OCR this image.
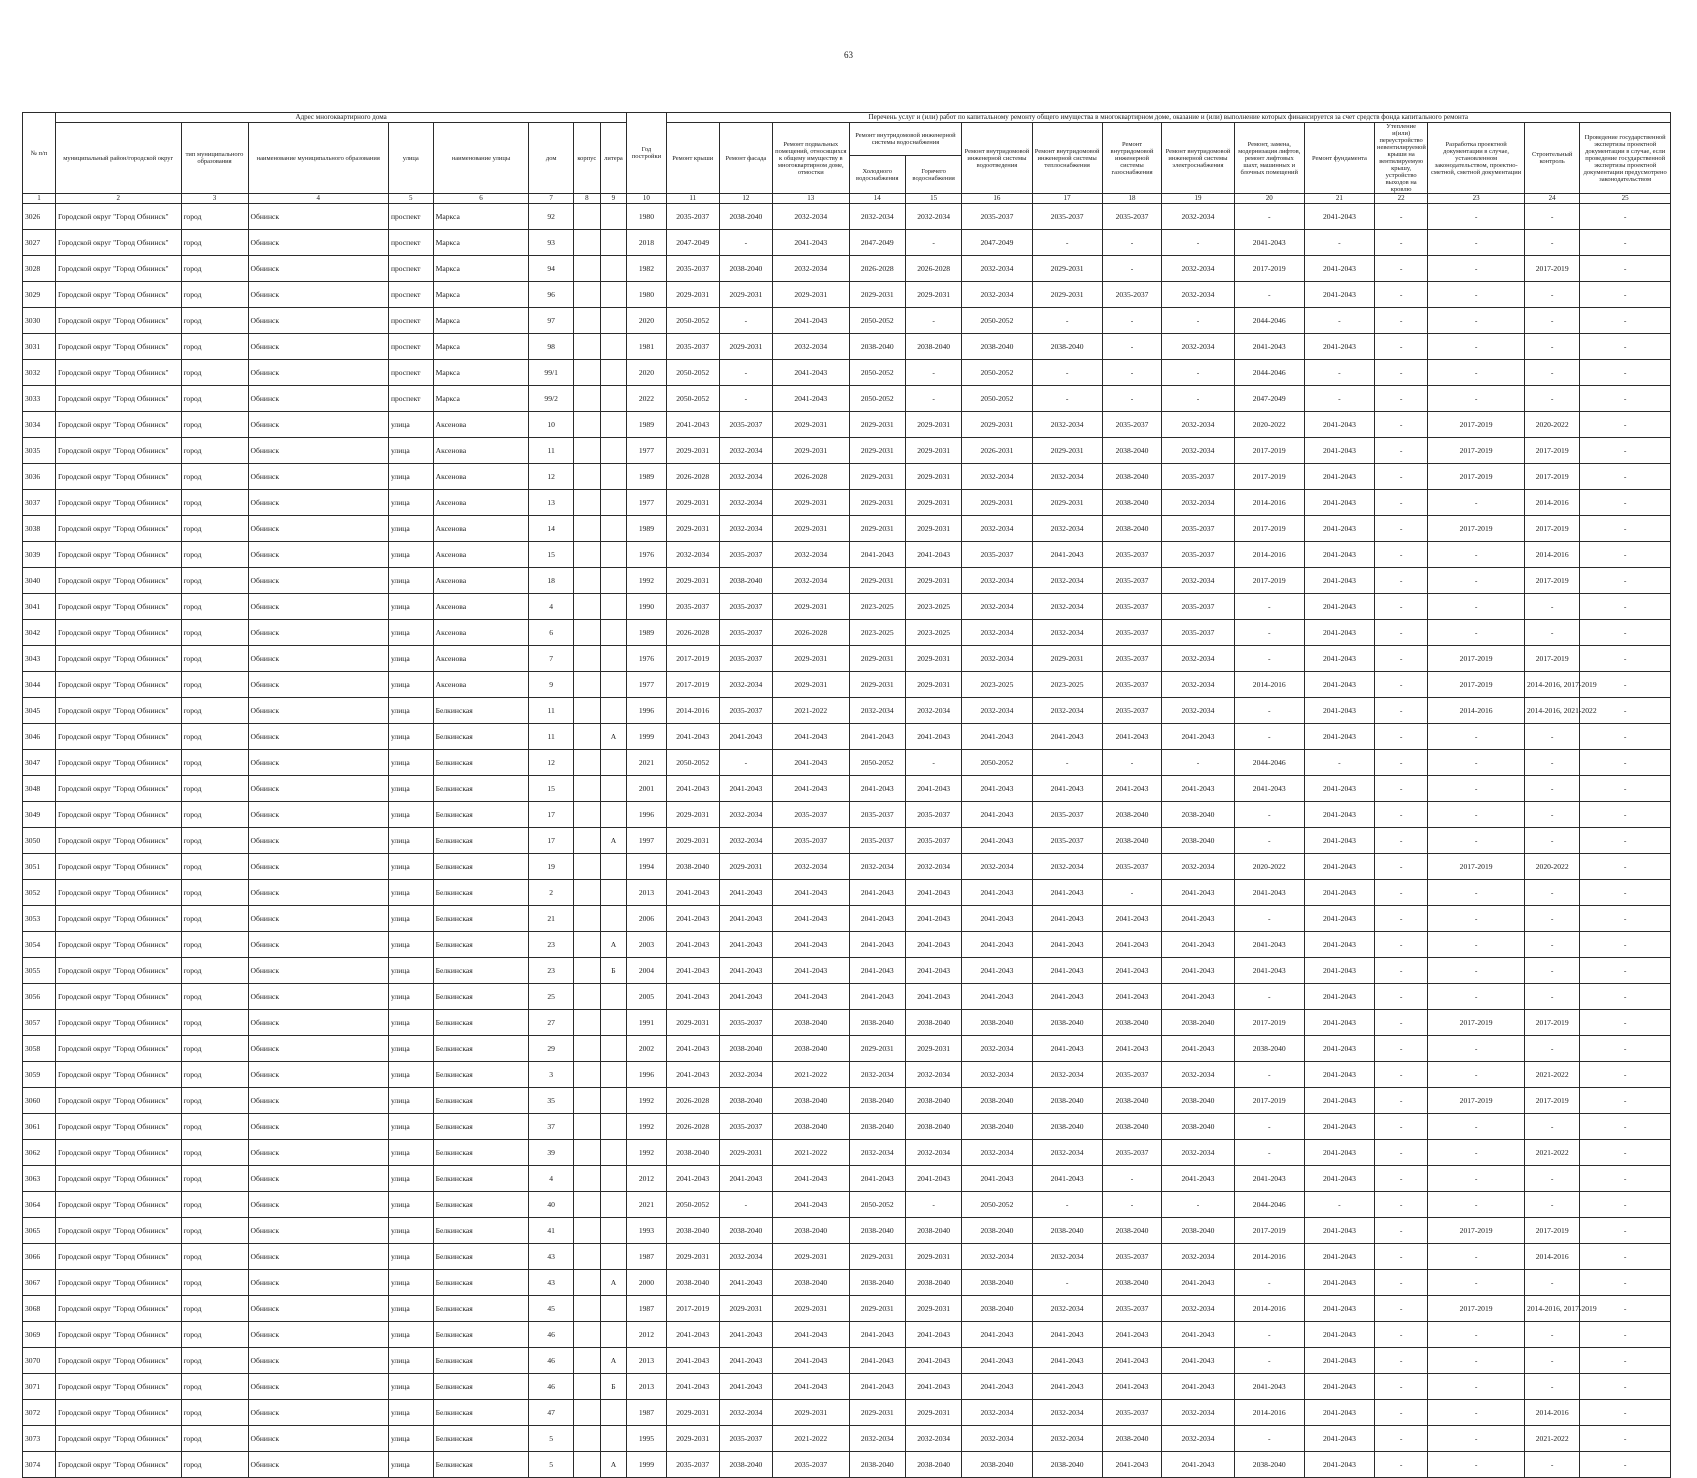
63
№ п/п	Адрес многоквартирного дома								Год постройки	Перечень услуг и (или) работ по капитальному ремонту общего имущества в многоквартирном доме, оказание и (или) выполнение которых финансируется за счет средств фонда капитального ремонта														
	муниципальный район/городской округ	тип муниципального образования	наименование муниципального образования	улица	наименование улицы	дом	корпус	литера		Ремонт крыши	Ремонт фасада	Ремонт подвальных помещений, относящихся к общему имуществу в многоквартирном доме, отмостки	Ремонт внутридомовой инженерной системы водоснабжения		Ремонт внутридомовой инженерной системы водоотведения	Ремонт внутридомовой инженерной системы теплоснабжения	Ремонт внутридомовой инженерной системы газоснабжения	Ремонт внутридомовой инженерной системы электроснабжения	Ремонт, замена, модернизация лифтов, ремонт лифтовых шахт, машинных и блочных помещений	Ремонт фундамента	Утепление и(или) переустройство невентилируемой крыши на вентилируемую крышу, устройство выходов на кровлю	Разработка проектной документации в случае, установленном законодательством, проектно-сметной, сметной документации	Строительный контроль	Проведение государственной экспертизы проектной документации в случае, если проведение государственной экспертизы проектной документации предусмотрено законодательством
													Холодного водоснабжения	Горячего водоснабжения										
1	2	3	4	5	6	7	8	9	10	11	12	13	14	15	16	17	18	19	20	21	22	23	24	25
3026	Городской округ "Город Обнинск"	город	Обнинск	проспект	Маркса	92			1980	2035-2037	2038-2040	2032-2034	2032-2034	2032-2034	2035-2037	2035-2037	2035-2037	2032-2034	-	2041-2043	-	-	-	-
3027	Городской округ "Город Обнинск"	город	Обнинск	проспект	Маркса	93			2018	2047-2049	-	2041-2043	2047-2049	-	2047-2049	-	-	-	2041-2043	-	-	-	-	-
3028	Городской округ "Город Обнинск"	город	Обнинск	проспект	Маркса	94			1982	2035-2037	2038-2040	2032-2034	2026-2028	2026-2028	2032-2034	2029-2031	-	2032-2034	2017-2019	2041-2043	-	-	2017-2019	-
3029	Городской округ "Город Обнинск"	город	Обнинск	проспект	Маркса	96			1980	2029-2031	2029-2031	2029-2031	2029-2031	2029-2031	2032-2034	2029-2031	2035-2037	2032-2034	-	2041-2043	-	-	-	-
3030	Городской округ "Город Обнинск"	город	Обнинск	проспект	Маркса	97			2020	2050-2052	-	2041-2043	2050-2052	-	2050-2052	-	-	-	2044-2046	-	-	-	-	-
3031	Городской округ "Город Обнинск"	город	Обнинск	проспект	Маркса	98			1981	2035-2037	2029-2031	2032-2034	2038-2040	2038-2040	2038-2040	2038-2040	-	2032-2034	2041-2043	2041-2043	-	-	-	-
3032	Городской округ "Город Обнинск"	город	Обнинск	проспект	Маркса	99/1			2020	2050-2052	-	2041-2043	2050-2052	-	2050-2052	-	-	-	2044-2046	-	-	-	-	-
3033	Городской округ "Город Обнинск"	город	Обнинск	проспект	Маркса	99/2			2022	2050-2052	-	2041-2043	2050-2052	-	2050-2052	-	-	-	2047-2049	-	-	-	-	-
3034	Городской округ "Город Обнинск"	город	Обнинск	улица	Аксенова	10			1989	2041-2043	2035-2037	2029-2031	2029-2031	2029-2031	2029-2031	2032-2034	2035-2037	2032-2034	2020-2022	2041-2043	-	2017-2019	2020-2022	-
3035	Городской округ "Город Обнинск"	город	Обнинск	улица	Аксенова	11			1977	2029-2031	2032-2034	2029-2031	2029-2031	2029-2031	2026-2031	2029-2031	2038-2040	2032-2034	2017-2019	2041-2043	-	2017-2019	2017-2019	-
3036	Городской округ "Город Обнинск"	город	Обнинск	улица	Аксенова	12			1989	2026-2028	2032-2034	2026-2028	2029-2031	2029-2031	2032-2034	2032-2034	2038-2040	2035-2037	2017-2019	2041-2043	-	2017-2019	2017-2019	-
3037	Городской округ "Город Обнинск"	город	Обнинск	улица	Аксенова	13			1977	2029-2031	2032-2034	2029-2031	2029-2031	2029-2031	2029-2031	2029-2031	2038-2040	2032-2034	2014-2016	2041-2043	-	-	2014-2016	-
3038	Городской округ "Город Обнинск"	город	Обнинск	улица	Аксенова	14			1989	2029-2031	2032-2034	2029-2031	2029-2031	2029-2031	2032-2034	2032-2034	2038-2040	2035-2037	2017-2019	2041-2043	-	2017-2019	2017-2019	-
3039	Городской округ "Город Обнинск"	город	Обнинск	улица	Аксенова	15			1976	2032-2034	2035-2037	2032-2034	2041-2043	2041-2043	2035-2037	2041-2043	2035-2037	2035-2037	2014-2016	2041-2043	-	-	2014-2016	-
3040	Городской округ "Город Обнинск"	город	Обнинск	улица	Аксенова	18			1992	2029-2031	2038-2040	2032-2034	2029-2031	2029-2031	2032-2034	2032-2034	2035-2037	2032-2034	2017-2019	2041-2043	-	-	2017-2019	-
3041	Городской округ "Город Обнинск"	город	Обнинск	улица	Аксенова	4			1990	2035-2037	2035-2037	2029-2031	2023-2025	2023-2025	2032-2034	2032-2034	2035-2037	2035-2037	-	2041-2043	-	-	-	-
3042	Городской округ "Город Обнинск"	город	Обнинск	улица	Аксенова	6			1989	2026-2028	2035-2037	2026-2028	2023-2025	2023-2025	2032-2034	2032-2034	2035-2037	2035-2037	-	2041-2043	-	-	-	-
3043	Городской округ "Город Обнинск"	город	Обнинск	улица	Аксенова	7			1976	2017-2019	2035-2037	2029-2031	2029-2031	2029-2031	2032-2034	2029-2031	2035-2037	2032-2034	-	2041-2043	-	2017-2019	2017-2019	-
3044	Городской округ "Город Обнинск"	город	Обнинск	улица	Аксенова	9			1977	2017-2019	2032-2034	2029-2031	2029-2031	2029-2031	2023-2025	2023-2025	2035-2037	2032-2034	2014-2016	2041-2043	-	2017-2019	2014-2016, 2017-2019	-
3045	Городской округ "Город Обнинск"	город	Обнинск	улица	Белкинская	11			1996	2014-2016	2035-2037	2021-2022	2032-2034	2032-2034	2032-2034	2032-2034	2035-2037	2032-2034	-	2041-2043	-	2014-2016	2014-2016, 2021-2022	-
3046	Городской округ "Город Обнинск"	город	Обнинск	улица	Белкинская	11		А	1999	2041-2043	2041-2043	2041-2043	2041-2043	2041-2043	2041-2043	2041-2043	2041-2043	2041-2043	-	2041-2043	-	-	-	-
3047	Городской округ "Город Обнинск"	город	Обнинск	улица	Белкинская	12			2021	2050-2052	-	2041-2043	2050-2052	-	2050-2052	-	-	-	2044-2046	-	-	-	-	-
3048	Городской округ "Город Обнинск"	город	Обнинск	улица	Белкинская	15			2001	2041-2043	2041-2043	2041-2043	2041-2043	2041-2043	2041-2043	2041-2043	2041-2043	2041-2043	2041-2043	2041-2043	-	-	-	-
3049	Городской округ "Город Обнинск"	город	Обнинск	улица	Белкинская	17			1996	2029-2031	2032-2034	2035-2037	2035-2037	2035-2037	2041-2043	2035-2037	2038-2040	2038-2040	-	2041-2043	-	-	-	-
3050	Городской округ "Город Обнинск"	город	Обнинск	улица	Белкинская	17		А	1997	2029-2031	2032-2034	2035-2037	2035-2037	2035-2037	2041-2043	2035-2037	2038-2040	2038-2040	-	2041-2043	-	-	-	-
3051	Городской округ "Город Обнинск"	город	Обнинск	улица	Белкинская	19			1994	2038-2040	2029-2031	2032-2034	2032-2034	2032-2034	2032-2034	2032-2034	2035-2037	2032-2034	2020-2022	2041-2043	-	2017-2019	2020-2022	-
3052	Городской округ "Город Обнинск"	город	Обнинск	улица	Белкинская	2			2013	2041-2043	2041-2043	2041-2043	2041-2043	2041-2043	2041-2043	2041-2043	-	2041-2043	2041-2043	2041-2043	-	-	-	-
3053	Городской округ "Город Обнинск"	город	Обнинск	улица	Белкинская	21			2006	2041-2043	2041-2043	2041-2043	2041-2043	2041-2043	2041-2043	2041-2043	2041-2043	2041-2043	-	2041-2043	-	-	-	-
3054	Городской округ "Город Обнинск"	город	Обнинск	улица	Белкинская	23		А	2003	2041-2043	2041-2043	2041-2043	2041-2043	2041-2043	2041-2043	2041-2043	2041-2043	2041-2043	2041-2043	2041-2043	-	-	-	-
3055	Городской округ "Город Обнинск"	город	Обнинск	улица	Белкинская	23		Б	2004	2041-2043	2041-2043	2041-2043	2041-2043	2041-2043	2041-2043	2041-2043	2041-2043	2041-2043	2041-2043	2041-2043	-	-	-	-
3056	Городской округ "Город Обнинск"	город	Обнинск	улица	Белкинская	25			2005	2041-2043	2041-2043	2041-2043	2041-2043	2041-2043	2041-2043	2041-2043	2041-2043	2041-2043	-	2041-2043	-	-	-	-
3057	Городской округ "Город Обнинск"	город	Обнинск	улица	Белкинская	27			1991	2029-2031	2035-2037	2038-2040	2038-2040	2038-2040	2038-2040	2038-2040	2038-2040	2038-2040	2017-2019	2041-2043	-	2017-2019	2017-2019	-
3058	Городской округ "Город Обнинск"	город	Обнинск	улица	Белкинская	29			2002	2041-2043	2038-2040	2038-2040	2029-2031	2029-2031	2032-2034	2041-2043	2041-2043	2041-2043	2038-2040	2041-2043	-	-	-	-
3059	Городской округ "Город Обнинск"	город	Обнинск	улица	Белкинская	3			1996	2041-2043	2032-2034	2021-2022	2032-2034	2032-2034	2032-2034	2032-2034	2035-2037	2032-2034	-	2041-2043	-	-	2021-2022	-
3060	Городской округ "Город Обнинск"	город	Обнинск	улица	Белкинская	35			1992	2026-2028	2038-2040	2038-2040	2038-2040	2038-2040	2038-2040	2038-2040	2038-2040	2038-2040	2017-2019	2041-2043	-	2017-2019	2017-2019	-
3061	Городской округ "Город Обнинск"	город	Обнинск	улица	Белкинская	37			1992	2026-2028	2035-2037	2038-2040	2038-2040	2038-2040	2038-2040	2038-2040	2038-2040	2038-2040	-	2041-2043	-	-	-	-
3062	Городской округ "Город Обнинск"	город	Обнинск	улица	Белкинская	39			1992	2038-2040	2029-2031	2021-2022	2032-2034	2032-2034	2032-2034	2032-2034	2035-2037	2032-2034	-	2041-2043	-	-	2021-2022	-
3063	Городской округ "Город Обнинск"	город	Обнинск	улица	Белкинская	4			2012	2041-2043	2041-2043	2041-2043	2041-2043	2041-2043	2041-2043	2041-2043	-	2041-2043	2041-2043	2041-2043	-	-	-	-
3064	Городской округ "Город Обнинск"	город	Обнинск	улица	Белкинская	40			2021	2050-2052	-	2041-2043	2050-2052	-	2050-2052	-	-	-	2044-2046	-	-	-	-	-
3065	Городской округ "Город Обнинск"	город	Обнинск	улица	Белкинская	41			1993	2038-2040	2038-2040	2038-2040	2038-2040	2038-2040	2038-2040	2038-2040	2038-2040	2038-2040	2017-2019	2041-2043	-	2017-2019	2017-2019	-
3066	Городской округ "Город Обнинск"	город	Обнинск	улица	Белкинская	43			1987	2029-2031	2032-2034	2029-2031	2029-2031	2029-2031	2032-2034	2032-2034	2035-2037	2032-2034	2014-2016	2041-2043	-	-	2014-2016	-
3067	Городской округ "Город Обнинск"	город	Обнинск	улица	Белкинская	43		А	2000	2038-2040	2041-2043	2038-2040	2038-2040	2038-2040	2038-2040	-	2038-2040	2041-2043	-	2041-2043	-	-	-	-
3068	Городской округ "Город Обнинск"	город	Обнинск	улица	Белкинская	45			1987	2017-2019	2029-2031	2029-2031	2029-2031	2029-2031	2038-2040	2032-2034	2035-2037	2032-2034	2014-2016	2041-2043	-	2017-2019	2014-2016, 2017-2019	-
3069	Городской округ "Город Обнинск"	город	Обнинск	улица	Белкинская	46			2012	2041-2043	2041-2043	2041-2043	2041-2043	2041-2043	2041-2043	2041-2043	2041-2043	2041-2043	-	2041-2043	-	-	-	-
3070	Городской округ "Город Обнинск"	город	Обнинск	улица	Белкинская	46		А	2013	2041-2043	2041-2043	2041-2043	2041-2043	2041-2043	2041-2043	2041-2043	2041-2043	2041-2043	-	2041-2043	-	-	-	-
3071	Городской округ "Город Обнинск"	город	Обнинск	улица	Белкинская	46		Б	2013	2041-2043	2041-2043	2041-2043	2041-2043	2041-2043	2041-2043	2041-2043	2041-2043	2041-2043	2041-2043	2041-2043	-	-	-	-
3072	Городской округ "Город Обнинск"	город	Обнинск	улица	Белкинская	47			1987	2029-2031	2032-2034	2029-2031	2029-2031	2029-2031	2032-2034	2032-2034	2035-2037	2032-2034	2014-2016	2041-2043	-	-	2014-2016	-
3073	Городской округ "Город Обнинск"	город	Обнинск	улица	Белкинская	5			1995	2029-2031	2035-2037	2021-2022	2032-2034	2032-2034	2032-2034	2032-2034	2038-2040	2032-2034	-	2041-2043	-	-	2021-2022	-
3074	Городской округ "Город Обнинск"	город	Обнинск	улица	Белкинская	5		А	1999	2035-2037	2038-2040	2035-2037	2038-2040	2038-2040	2038-2040	2038-2040	2041-2043	2041-2043	2038-2040	2041-2043	-	-	-	-
